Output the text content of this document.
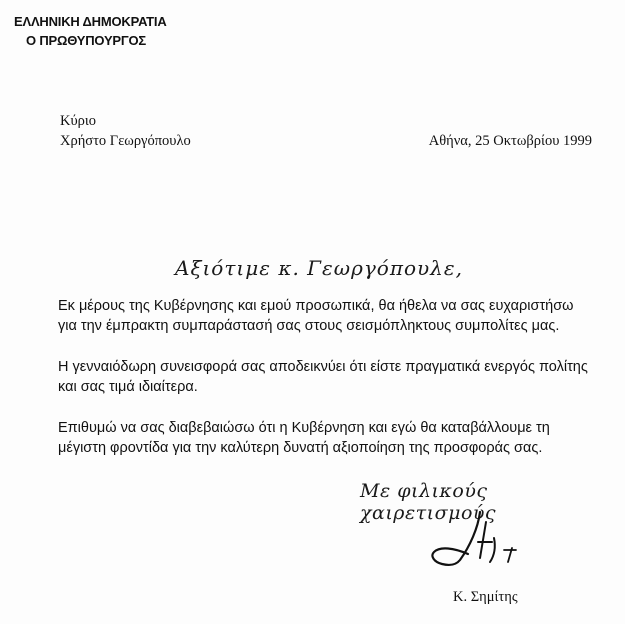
ΕΛΛΗΝΙΚΗ ΔΗΜΟΚΡΑΤΙΑ
Ο ΠΡΩΘΥΠΟΥΡΓΟΣ
Κύριο
Χρήστο Γεωργόπουλο	Αθήνα, 25 Οκτωβρίου 1999
Αξιότιμε κ. Γεωργόπουλε,
Εκ μέρους της Κυβέρνησης και εμού προσωπικά, θα ήθελα να σας ευχαριστήσω
για την έμπρακτη συμπαράστασή σας στους σεισμόπληκτους συμπολίτες μας.
Η γενναιόδωρη συνεισφορά σας αποδεικνύει ότι είστε πραγματικά ενεργός πολίτης
και σας τιμά ιδιαίτερα.
Επιθυμώ να σας διαβεβαιώσω ότι η Κυβέρνηση και εγώ θα καταβάλλουμε τη
μέγιστη φροντίδα για την καλύτερη δυνατή αξιοποίηση της προσφοράς σας.
Με φιλικούς χαιρετισμούς
Κ. Σημίτης
